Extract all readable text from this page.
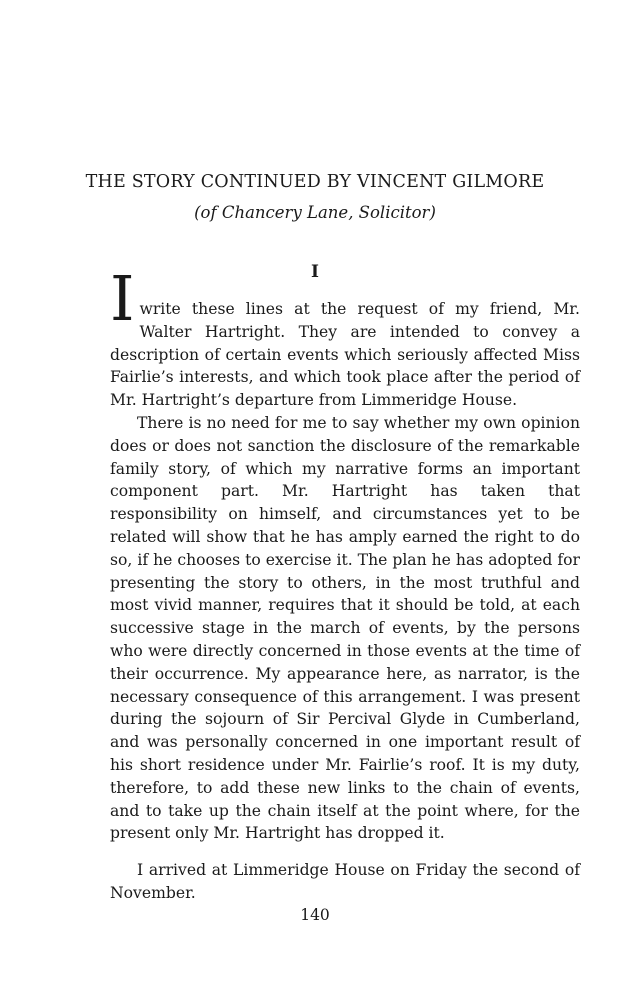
THE STORY CONTINUED BY VINCENT GILMORE
(of Chancery Lane, Solicitor)
I

Iwrite these lines at the request of my friend, Mr. Walter Hartright. They are intended to convey a description of certain events which seriously affected Miss Fairlie’s interests, and which took place after the period of Mr. Hartright’s departure from Limmeridge House.

There is no need for me to say whether my own opinion does or does not sanction the disclosure of the remarkable family story, of which my narrative forms an important component part. Mr. Hartright has taken that responsibility on himself, and circumstances yet to be related will show that he has amply earned the right to do so, if he chooses to exercise it. The plan he has adopted for presenting the story to others, in the most truthful and most vivid manner, requires that it should be told, at each successive stage in the march of events, by the persons who were directly concerned in those events at the time of their occurrence. My appearance here, as narrator, is the necessary consequence of this arrangement. I was present during the sojourn of Sir Percival Glyde in Cumberland, and was personally concerned in one important result of his short residence under Mr. Fairlie’s roof. It is my duty, therefore, to add these new links to the chain of events, and to take up the chain itself at the point where, for the present only Mr. Hartright has dropped it.

I arrived at Limmeridge House on Friday the second of November.

140
